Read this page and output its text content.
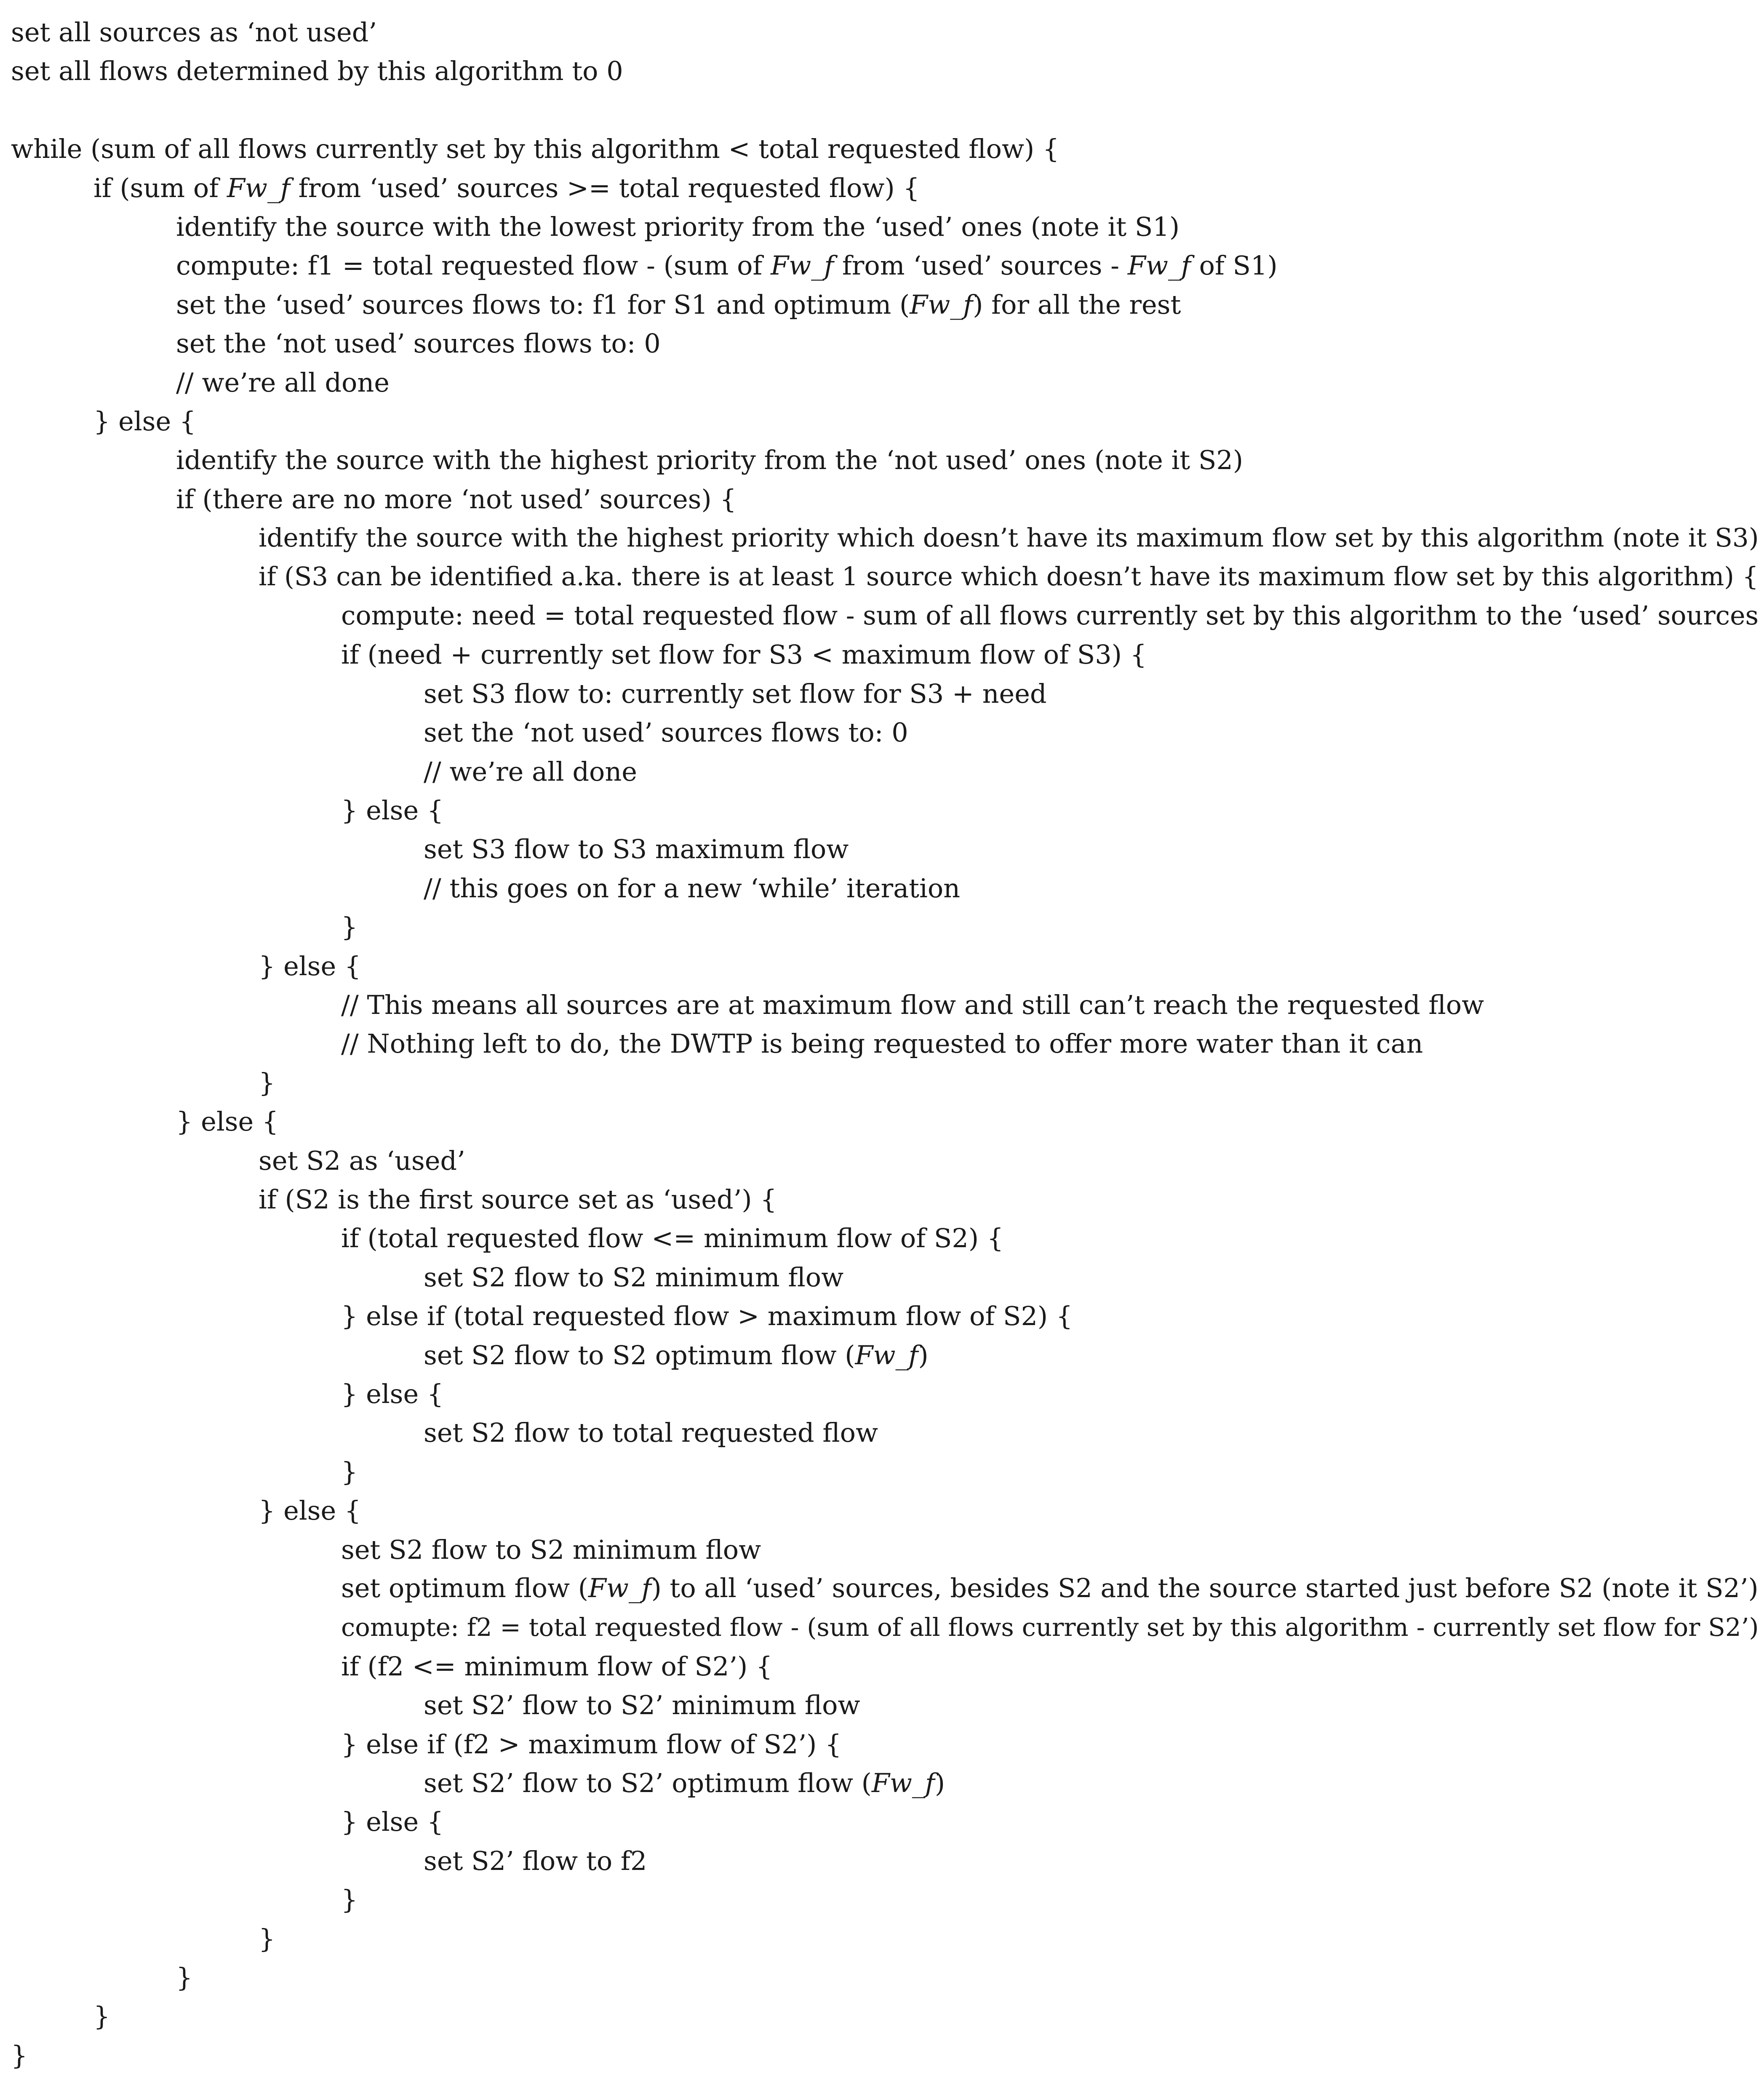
set all sources as ‘not used’
set all flows determined by this algorithm to 0
while (sum of all flows currently set by this algorithm < total requested flow) {
if (sum of Fw_f from ‘used’ sources >= total requested flow) {
identify the source with the lowest priority from the ‘used’ ones (note it S1)
compute: f1 = total requested flow - (sum of Fw_f from ‘used’ sources - Fw_f of S1)
set the ‘used’ sources flows to: f1 for S1 and optimum (Fw_f) for all the rest
set the ‘not used’ sources flows to: 0
// we’re all done
} else {
identify the source with the highest priority from the ‘not used’ ones (note it S2)
if (there are no more ‘not used’ sources) {
identify the source with the highest priority which doesn’t have its maximum flow set by this algorithm (note it S3)
if (S3 can be identified a.ka. there is at least 1 source which doesn’t have its maximum flow set by this algorithm) {
compute: need = total requested flow - sum of all flows currently set by this algorithm to the ‘used’ sources
if (need + currently set flow for S3 < maximum flow of S3) {
set S3 flow to: currently set flow for S3 + need
set the ‘not used’ sources flows to: 0
// we’re all done
} else {
set S3 flow to S3 maximum flow
// this goes on for a new ‘while’ iteration
}
} else {
// This means all sources are at maximum flow and still can’t reach the requested flow
// Nothing left to do, the DWTP is being requested to offer more water than it can
}
} else {
set S2 as ‘used’
if (S2 is the first source set as ‘used’) {
if (total requested flow <= minimum flow of S2) {
set S2 flow to S2 minimum flow
} else if (total requested flow > maximum flow of S2) {
set S2 flow to S2 optimum flow (Fw_f)
} else {
set S2 flow to total requested flow
}
} else {
set S2 flow to S2 minimum flow
set optimum flow (Fw_f) to all ‘used’ sources, besides S2 and the source started just before S2 (note it S2’)
comupte: f2 = total requested flow - (sum of all flows currently set by this algorithm - currently set flow for S2’)
if (f2 <= minimum flow of S2’) {
set S2’ flow to S2’ minimum flow
} else if (f2 > maximum flow of S2’) {
set S2’ flow to S2’ optimum flow (Fw_f)
} else {
set S2’ flow to f2
}
}
}
}
}
